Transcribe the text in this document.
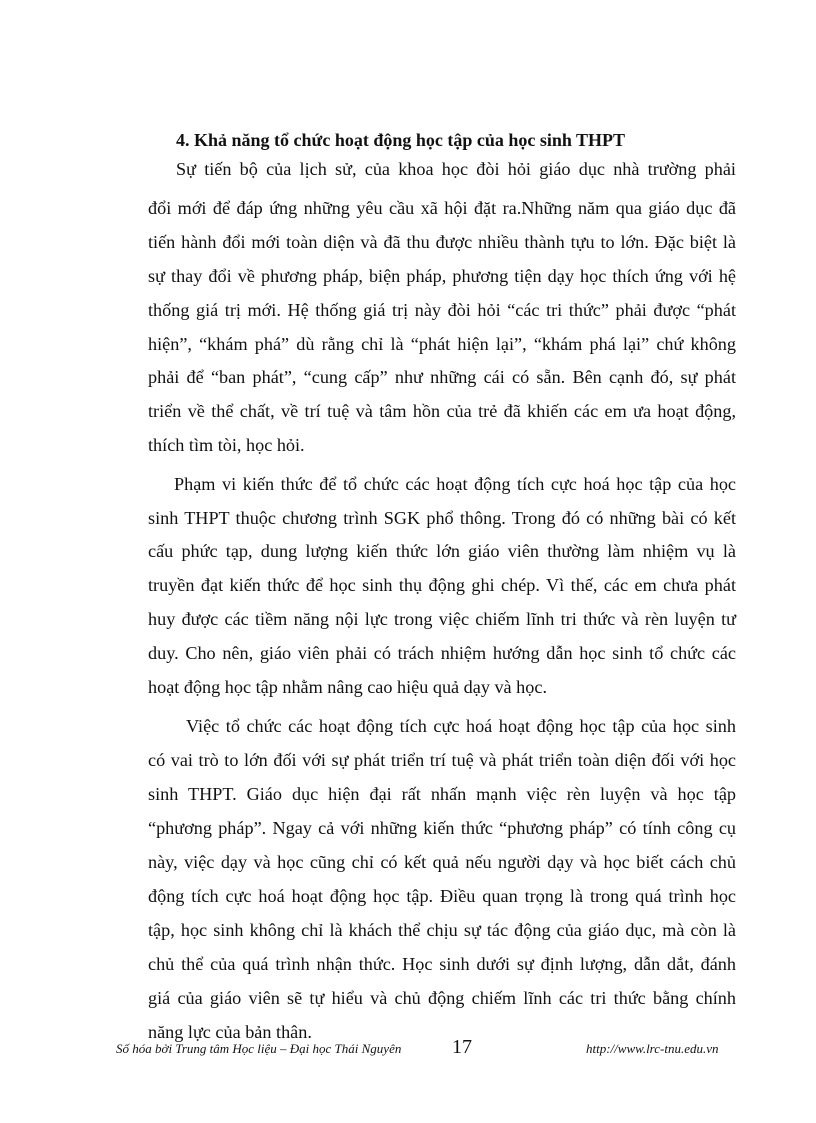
4. Khả năng tổ chức hoạt động học tập của học sinh THPT
Sự tiến bộ của lịch sử, của khoa học đòi hỏi giáo dục nhà trường phải
đổi mới để đáp ứng những yêu cầu xã hội đặt ra.Những năm qua giáo dục đã
tiến hành đổi mới toàn diện và đã thu được nhiều thành tựu to lớn. Đặc biệt là
sự thay đổi về phương pháp, biện pháp, phương tiện dạy học thích ứng với hệ
thống giá trị mới. Hệ thống giá trị này đòi hỏi “các tri thức” phải được “phát
hiện”, “khám phá” dù rằng chỉ là “phát hiện lại”, “khám phá lại” chứ không
phải để “ban phát”, “cung cấp” như những cái có sẵn. Bên cạnh đó, sự phát
triển về thể chất, về trí tuệ và tâm hồn của trẻ đã khiến các em ưa hoạt động,
thích tìm tòi, học hỏi.
Phạm vi kiến thức để tổ chức các hoạt động tích cực hoá học tập của học
sinh THPT thuộc chương trình SGK phổ thông. Trong đó có những bài có kết
cấu phức tạp, dung lượng kiến thức lớn giáo viên thường làm nhiệm vụ là
truyền đạt kiến thức để học sinh thụ động ghi chép. Vì thế, các em chưa phát
huy được các tiềm năng nội lực trong việc chiếm lĩnh tri thức và rèn luyện tư
duy. Cho nên, giáo viên phải có trách nhiệm hướng dẫn học sinh tổ chức các
hoạt động học tập nhằm nâng cao hiệu quả dạy và học.
Việc tổ chức các hoạt động tích cực hoá hoạt động học tập của học sinh
có vai trò to lớn đối với sự phát triển trí tuệ và phát triển toàn diện đối với học
sinh THPT. Giáo dục hiện đại rất nhấn mạnh việc rèn luyện và học tập
“phương pháp”. Ngay cả với những kiến thức “phương pháp” có tính công cụ
này, việc dạy và học cũng chỉ có kết quả nếu người dạy và học biết cách chủ
động tích cực hoá hoạt động học tập. Điều quan trọng là trong quá trình học
tập, học sinh không chỉ là khách thể chịu sự tác động của giáo dục, mà còn là
chủ thể của quá trình nhận thức. Học sinh dưới sự định lượng, dẫn dắt, đánh
giá của giáo viên sẽ tự hiểu và chủ động chiếm lĩnh các tri thức bằng chính
năng lực của bản thân.
Số hóa bởi Trung tâm Học liệu – Đại học Thái Nguyên	17	http://www.lrc-tnu.edu.vn
